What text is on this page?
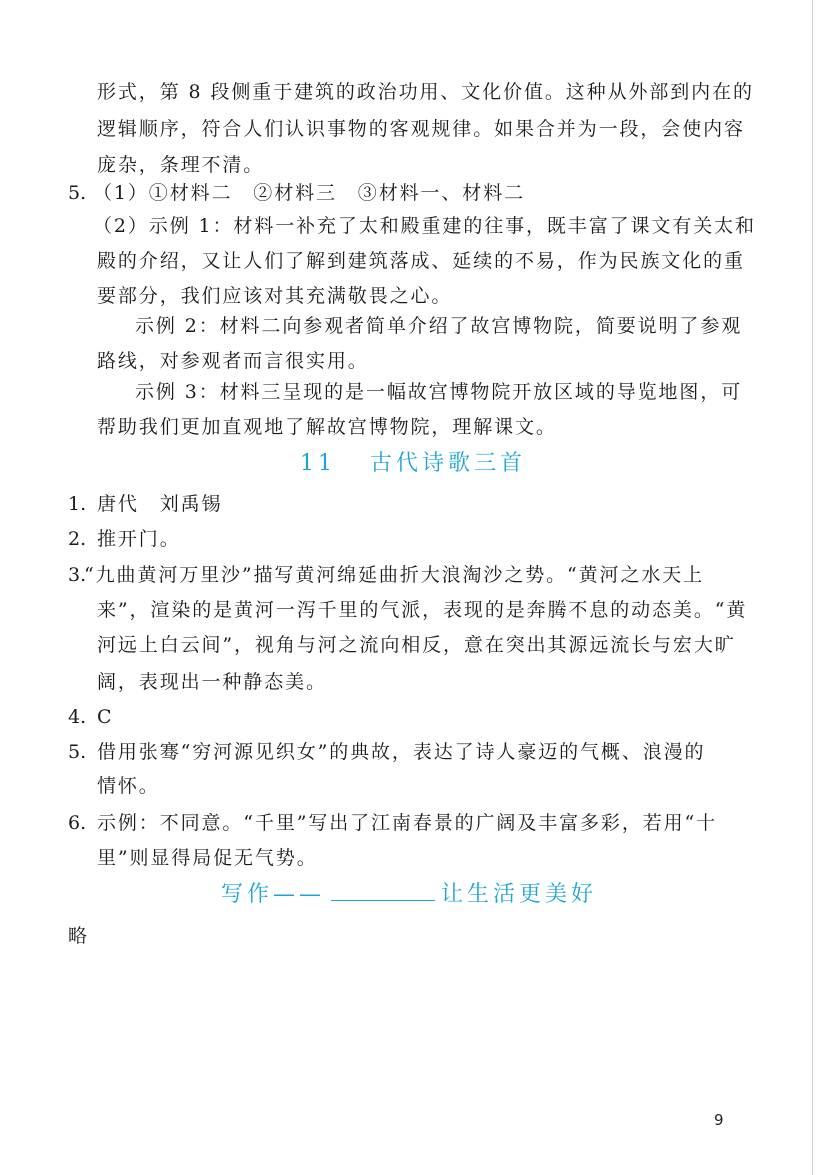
形式，第 8 段侧重于建筑的政治功用、文化价值。这种从外部到内在的
逻辑顺序，符合人们认识事物的客观规律。如果合并为一段，会使内容
庞杂，条理不清。
5. （1）①材料二　②材料三　③材料一、材料二
（2）示例 1：材料一补充了太和殿重建的往事，既丰富了课文有关太和
殿的介绍，又让人们了解到建筑落成、延续的不易，作为民族文化的重
要部分，我们应该对其充满敬畏之心。
示例 2：材料二向参观者简单介绍了故宫博物院，简要说明了参观
路线，对参观者而言很实用。
示例 3：材料三呈现的是一幅故宫博物院开放区域的导览地图，可
帮助我们更加直观地了解故宫博物院，理解课文。
11 古代诗歌三首
1. 唐代　刘禹锡
2. 推开门。
3.
“九曲黄河万里沙”描写黄河绵延曲折大浪淘沙之势。“黄河之水天上
来”，渲染的是黄河一泻千里的气派，表现的是奔腾不息的动态美。“黄
河远上白云间”，视角与河之流向相反，意在突出其源远流长与宏大旷
阔，表现出一种静态美。
4. C
5. 借用张骞“穷河源见织女”的典故，表达了诗人豪迈的气概、浪漫的
情怀。
6. 示例：不同意。“千里”写出了江南春景的广阔及丰富多彩，若用“十
里”则显得局促无气势。
写作——	让生活更美好
略
9
